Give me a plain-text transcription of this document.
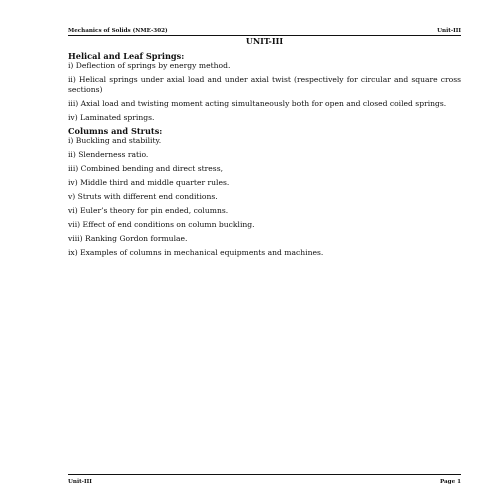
Mechanics of Solids (NME-302)	Unit-III
UNIT-III
Helical and Leaf Springs:
i) Deflection of springs by energy method.
ii) Helical springs under axial load and under axial twist (respectively for circular and square cross sections)
iii) Axial load and twisting moment acting simultaneously both for open and closed coiled springs.
iv) Laminated springs.
Columns and Struts:
i) Buckling and stability.
ii) Slenderness ratio.
iii) Combined bending and direct stress,
iv) Middle third and middle quarter rules.
v) Struts with different end conditions.
vi) Euler’s theory for pin ended, columns.
vii) Effect of end conditions on column buckling.
viii) Ranking Gordon formulae.
ix) Examples of columns in mechanical equipments and machines.
Unit-III	Page 1
